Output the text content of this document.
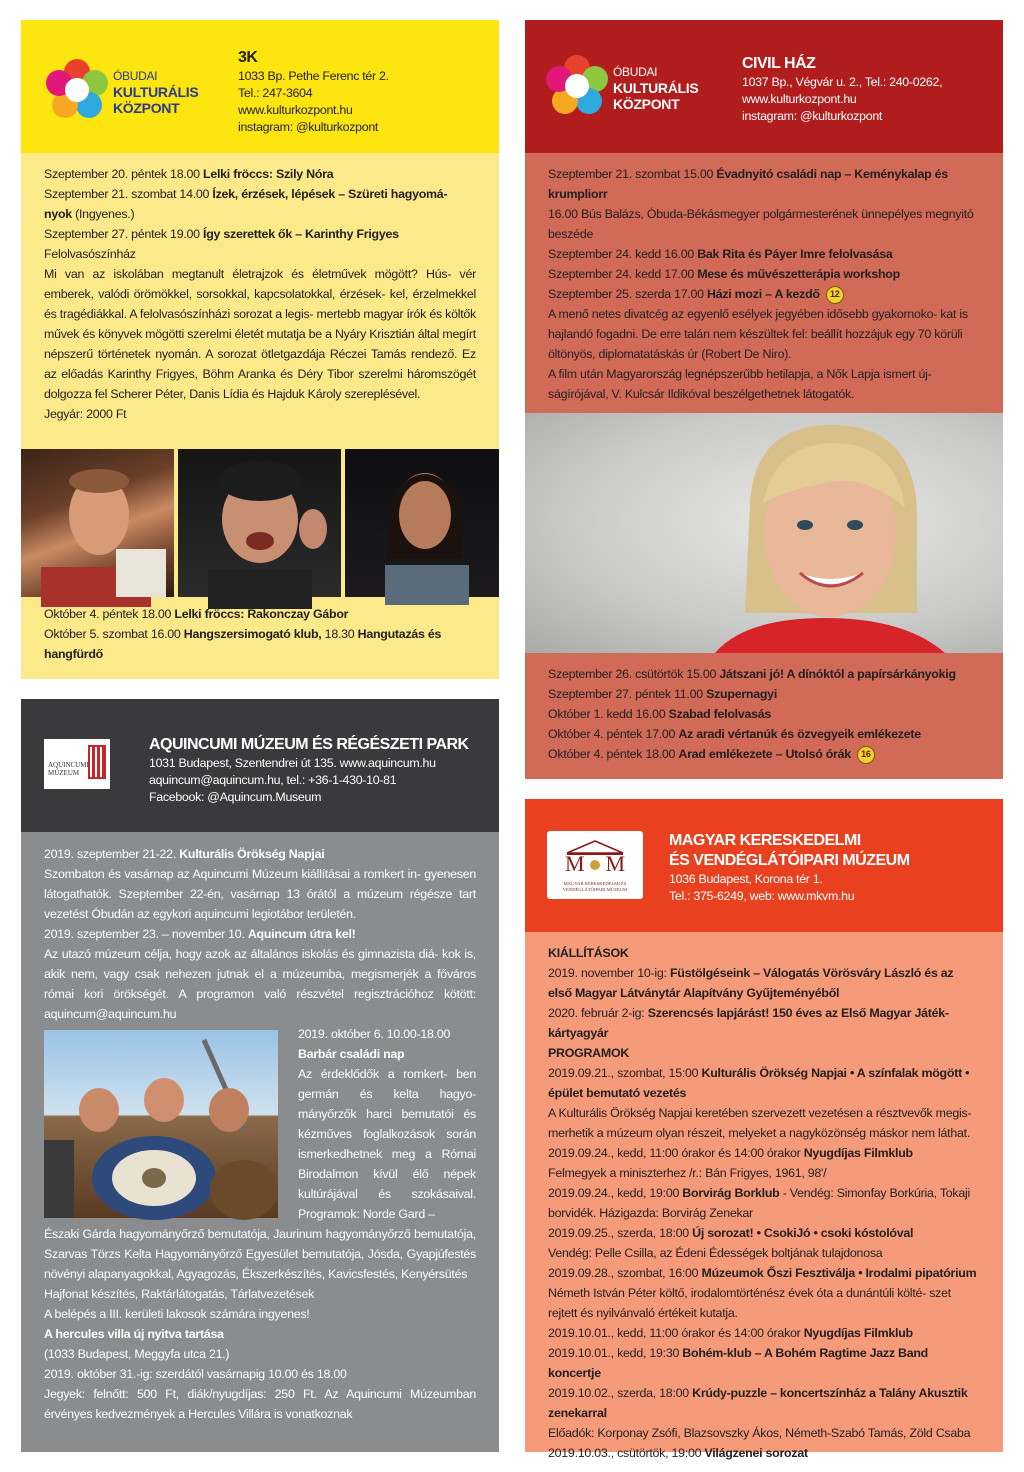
ÓBUDAI
KULTURÁLIS
KÖZPONT
3K
1033 Bp. Pethe Ferenc tér 2.
Tel.: 247-3604
www.kulturkozpont.hu
instagram: @kulturkozpont
Szeptember 20. péntek 18.00 Lelki fröccs: Szily Nóra
Szeptember 21. szombat 14.00 Ízek, érzések, lépések – Szüreti hagyomá- nyok (Ingyenes.)
Szeptember 27. péntek 19.00 Így szerettek ők – Karinthy Frigyes
Felolvasószínház
Mi van az iskolában megtanult életrajzok és életművek mögött? Hús- vér emberek, valódi örömökkel, sorsokkal, kapcsolatokkal, érzések- kel, érzelmekkel és tragédiákkal. A felolvasószínházi sorozat a legis- mertebb magyar írók és költők művek és könyvek mögötti szerelmi életét mutatja be a Nyáry Krisztián által megírt népszerű történetek nyomán. A sorozat ötletgazdája Réczei Tamás rendező. Ez az előadás Karinthy Frigyes, Böhm Aranka és Déry Tibor szerelmi háromszögét dolgozza fel Scherer Péter, Danis Lídia és Hajduk Károly szereplésével.
Jegyár: 2000 Ft
Október 4. péntek 18.00 Lelki fröccs: Rakonczay Gábor
Október 5. szombat 16.00 Hangszersimogató klub, 18.30 Hangutazás és hangfürdő
ÓBUDAI
KULTURÁLIS
KÖZPONT
CIVIL HÁZ
1037 Bp., Végvár u. 2., Tel.: 240-0262,
www.kulturkozpont.hu
instagram: @kulturkozpont
Szeptember 21. szombat 15.00 Évadnyitó családi nap – Keménykalap és krumpliorr
16.00 Bús Balázs, Óbuda-Békásmegyer polgármesterének ünnepélyes megnyitó beszéde
Szeptember 24. kedd 16.00 Bak Rita és Páyer Imre felolvasása
Szeptember 24. kedd 17.00 Mese és művészetterápia workshop
Szeptember 25. szerda 17.00 Házi mozi – A kezdő 12
A menő netes divatcég az egyenlő esélyek jegyében idősebb gyakornoko- kat is hajlandó fogadni. De erre talán nem készültek fel: beállít hozzájuk egy 70 körüli öltönyös, diplomatatáskás úr (Robert De Niro).
A film után Magyarország legnépszerűbb hetilapja, a Nők Lapja ismert új- ságírójával, V. Kulcsár Ildikóval beszélgethetnek látogatók.
Szeptember 26. csütörtök 15.00 Játszani jó! A dínóktól a papírsárkányokig
Szeptember 27. péntek 11.00 Szupernagyi
Október 1. kedd 16.00 Szabad felolvasás
Október 4. péntek 17.00 Az aradi vértanúk és özvegyeik emlékezete
Október 4. péntek 18.00 Arad emlékezete – Utolsó órák 16
AQUINCUMI
MÚZEUM
AQUINCUMI MÚZEUM ÉS RÉGÉSZETI PARK
1031 Budapest, Szentendrei út 135. www.aquincum.hu
aquincum@aquincum.hu, tel.: +36-1-430-10-81
Facebook: @Aquincum.Museum
2019. szeptember 21-22. Kulturális Örökség Napjai
Szombaton és vasárnap az Aquincumi Múzeum kiállításai a romkert in- gyenesen látogathatók. Szeptember 22-én, vasárnap 13 órától a múzeum régésze tart vezetést Óbudán az egykori aquincumi legiotábor területén.
2019. szeptember 23. – november 10. Aquincum útra kel!
Az utazó múzeum célja, hogy azok az általános iskolás és gimnazista diá- kok is, akik nem, vagy csak nehezen jutnak el a múzeumba, megismerjék a főváros római kori örökségét. A programon való részvétel regisztrációhoz kötött: aquincum@aquincum.hu
2019. október 6. 10.00-18.00
Barbár családi nap
Az érdeklődők a romkert- ben germán és kelta hagyo- mányőrzők harci bemutatói és kézműves foglalkozások során ismerkedhetnek meg a Római Birodalmon kívül élő népek kultúrájával és szokásaival. Programok: Norde Gard –
Északi Gárda hagyományőrző bemutatója, Jaurinum hagyományőrző bemutatója, Szarvas Törzs Kelta Hagyományőrző Egyesület bemutatója, Jósda, Gyapjúfestés növényi alapanyagokkal, Agyagozás, Ékszerkészítés, Kavicsfestés, Kenyérsütés
Hajfonat készítés, Raktárlátogatás, Tárlatvezetések
A belépés a III. kerületi lakosok számára ingyenes!
A hercules villa új nyitva tartása
(1033 Budapest, Meggyfa utca 21.)
2019. október 31.-ig: szerdától vasárnapig 10.00 és 18.00
Jegyek: felnőtt: 500 Ft, diák/nyugdíjas: 250 Ft. Az Aquincumi Múzeumban érvényes kedvezmények a Hercules Villára is vonatkoznak
M M
MAGYAR KERESKEDELMI ÉS
VENDÉGLÁTÓIPARI MÚZEUM
MAGYAR KERESKEDELMI
ÉS VENDÉGLÁTÓIPARI MÚZEUM
1036 Budapest, Korona tér 1.
Tel.: 375-6249, web: www.mkvm.hu
KIÁLLÍTÁSOK
2019. november 10-ig: Füstölgéseink – Válogatás Vörösváry László és az első Magyar Látványtár Alapítvány Gyűjteményéből
2020. február 2-ig: Szerencsés lapjárást! 150 éves az Első Magyar Játék- kártyagyár
PROGRAMOK
2019.09.21., szombat, 15:00 Kulturális Örökség Napjai • A színfalak mögött • épület bemutató vezetés
A Kulturális Örökség Napjai keretében szervezett vezetésen a résztvevők megis- merhetik a múzeum olyan részeit, melyeket a nagyközönség máskor nem láthat.
2019.09.24., kedd, 11:00 órakor és 14:00 órakor Nyugdíjas Filmklub
Felmegyek a miniszterhez /r.: Bán Frigyes, 1961, 98'/
2019.09.24., kedd, 19:00 Borvirág Borklub - Vendég: Simonfay Borkúria, Tokaji borvidék. Házigazda: Borvirág Zenekar
2019.09.25., szerda, 18:00 Új sorozat! • CsokiJó • csoki kóstolóval
Vendég: Pelle Csilla, az Édeni Édességek boltjának tulajdonosa
2019.09.28., szombat, 16:00 Múzeumok Őszi Fesztiválja • Irodalmi pipatórium
Németh István Péter költő, irodalomtörténész évek óta a dunántúli költé- szet rejtett és nyilvánvaló értékeit kutatja.
2019.10.01., kedd, 11:00 órakor és 14:00 órakor Nyugdíjas Filmklub
2019.10.01., kedd, 19:30 Bohém-klub – A Bohém Ragtime Jazz Band koncertje
2019.10.02., szerda, 18:00 Krúdy-puzzle – koncertszínház a Talány Akusztik zenekarral
Előadók: Korponay Zsófi, Blazsovszky Ákos, Németh-Szabó Tamás, Zöld Csaba
2019.10.03., csütörtök, 19:00 Világzenei sorozat
